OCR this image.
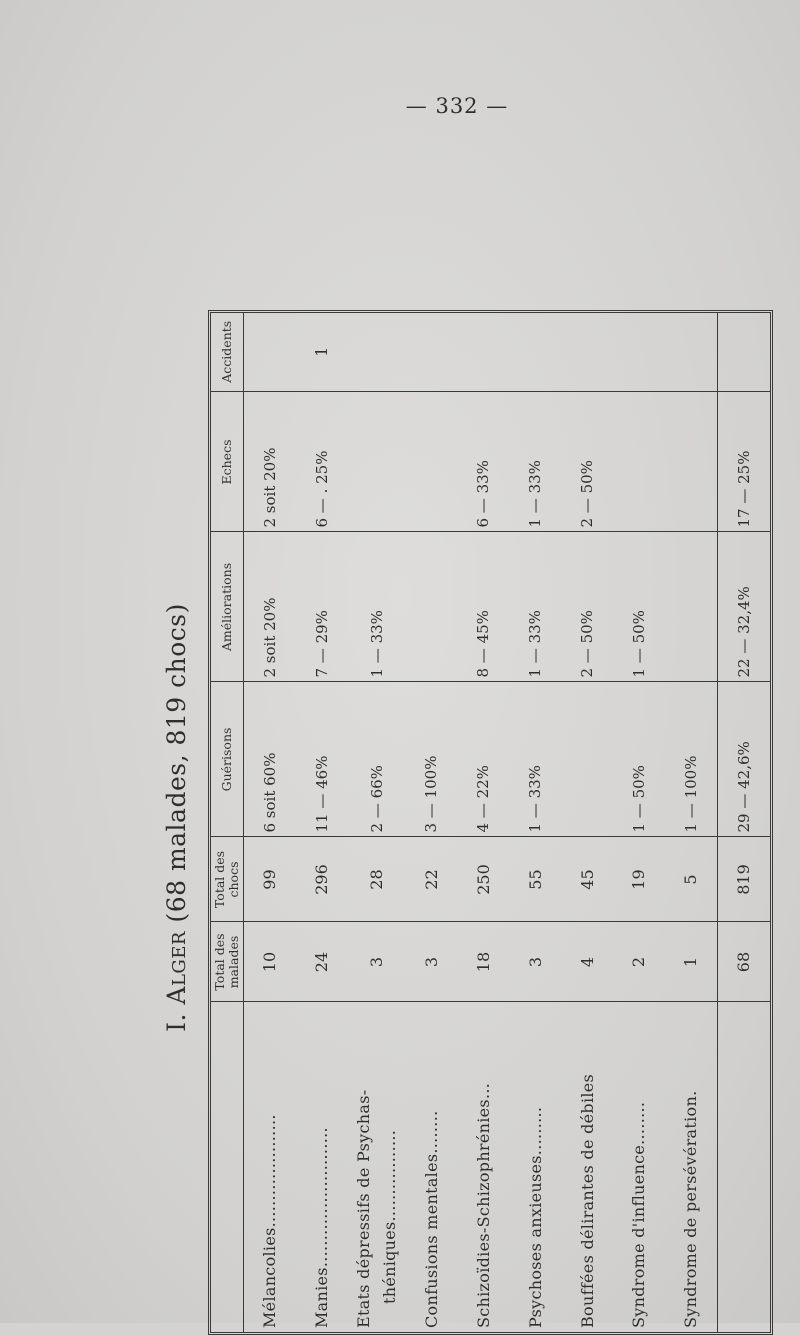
— 332 —
I. Alger (68 malades, 819 chocs)
	Total des malades	Total des chocs	Guérisons	Améliorations	Echecs	Accidents
Mélancolies.....................	10	99	6 soit 60%	2 soit 20%	2 soit 20%	
Manies..........................	24	296	11 — 46%	7 — 29%	6 — . 25%	1
Etats dépressifs de Psychas- théniques.................	3	28	2 — 66%	1 — 33%		
Confusions mentales........	3	22	3 — 100%			
Schizoïdies-Schizophrénies...	18	250	4 — 22%	8 — 45%	6 — 33%	
Psychoses anxieuses.........	3	55	1 — 33%	1 — 33%	1 — 33%	
Bouffées délirantes de débiles	4	45		2 — 50%	2 — 50%	
Syndrome d'influence........	2	19	1 — 50%	1 — 50%		
Syndrome de persévération.	1	5	1 — 100%			
	68	819	29 — 42,6%	22 — 32,4%	17 — 25%	
